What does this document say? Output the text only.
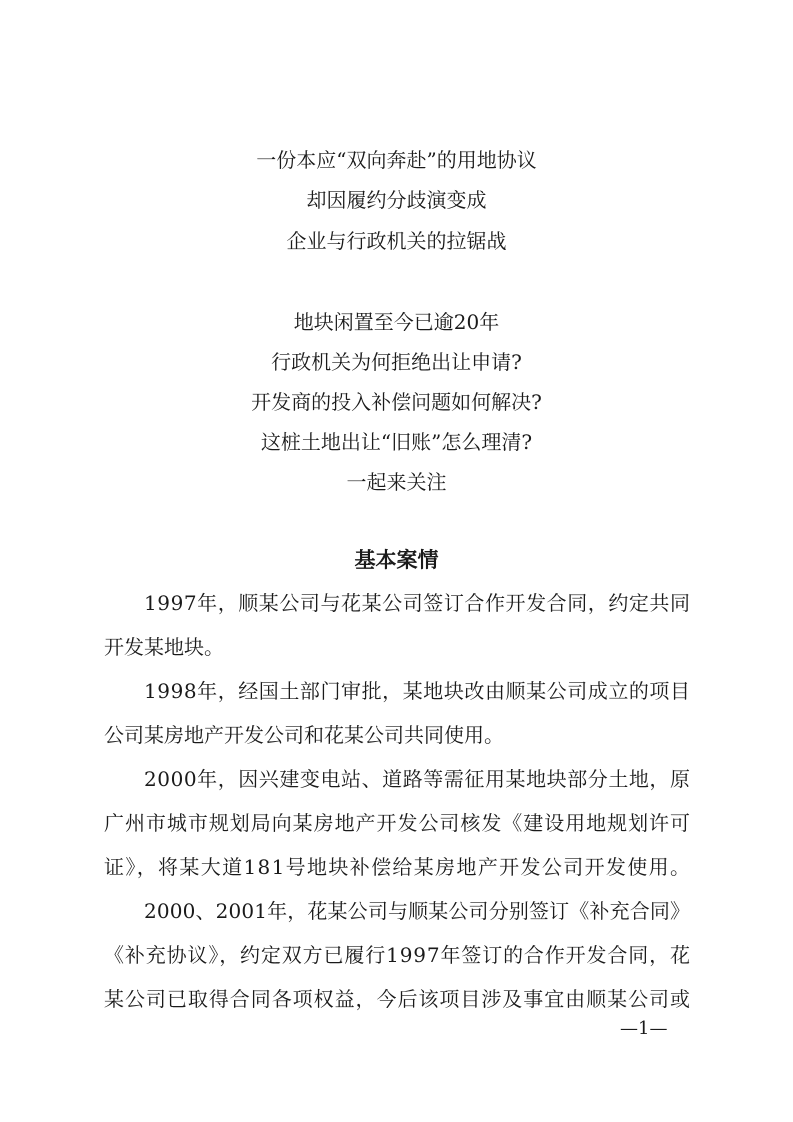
一份本应“双向奔赴”的用地协议
却因履约分歧演变成
企业与行政机关的拉锯战
地块闲置至今已逾20年
行政机关为何拒绝出让申请?
开发商的投入补偿问题如何解决?
这桩土地出让“旧账”怎么理清?
一起来关注
基本案情
1997年，顺某公司与花某公司签订合作开发合同，约定共同
开发某地块。
1998年，经国土部门审批，某地块改由顺某公司成立的项目
公司某房地产开发公司和花某公司共同使用。
2000年，因兴建变电站、道路等需征用某地块部分土地，原
广州市城市规划局向某房地产开发公司核发《建设用地规划许可
证》，将某大道181号地块补偿给某房地产开发公司开发使用。
2000、2001年，花某公司与顺某公司分别签订《补充合同》
《补充协议》，约定双方已履行1997年签订的合作开发合同，花
某公司已取得合同各项权益，今后该项目涉及事宜由顺某公司或
—1—
